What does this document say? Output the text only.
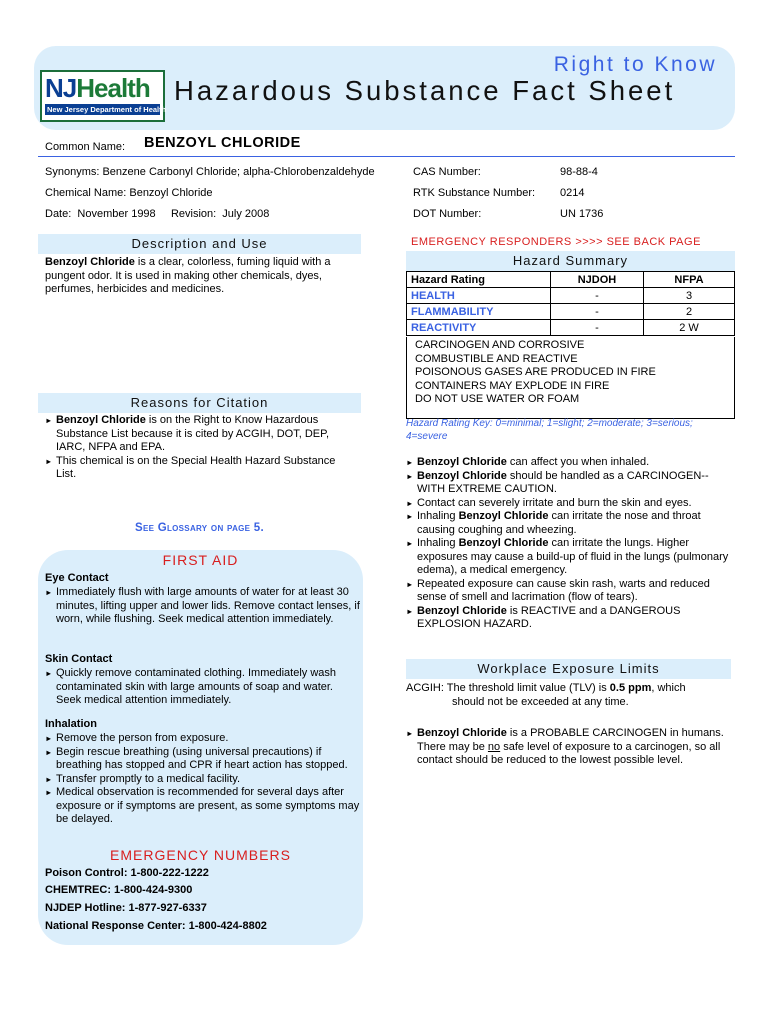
NJHealth
New Jersey Department of Health
Right to Know
Hazardous Substance Fact Sheet
Common Name: BENZOYL CHLORIDE
Synonyms: Benzene Carbonyl Chloride; alpha-Chlorobenzaldehyde
Chemical Name: Benzoyl Chloride
Date:  November 1998     Revision:  July 2008
CAS Number:	98-88-4
RTK Substance Number: 0214
DOT Number:	UN 1736
Description and Use
Benzoyl Chloride is a clear, colorless, fuming liquid with a pungent odor. It is used in making other chemicals, dyes, perfumes, herbicides and medicines.
Reasons for Citation
► Benzoyl Chloride is on the Right to Know Hazardous Substance List because it is cited by ACGIH, DOT, DEP, IARC, NFPA and EPA.
► This chemical is on the Special Health Hazard Substance List.
See Glossary on page 5.
FIRST AID
Eye Contact
► Immediately flush with large amounts of water for at least 30 minutes, lifting upper and lower lids. Remove contact lenses, if worn, while flushing. Seek medical attention immediately.
Skin Contact
► Quickly remove contaminated clothing. Immediately wash contaminated skin with large amounts of soap and water. Seek medical attention immediately.
Inhalation
► Remove the person from exposure.
► Begin rescue breathing (using universal precautions) if breathing has stopped and CPR if heart action has stopped.
► Transfer promptly to a medical facility.
► Medical observation is recommended for several days after exposure or if symptoms are present, as some symptoms may be delayed.
EMERGENCY NUMBERS
Poison Control: 1-800-222-1222
CHEMTREC: 1-800-424-9300
NJDEP Hotline: 1-877-927-6337
National Response Center: 1-800-424-8802
EMERGENCY RESPONDERS >>>> SEE BACK PAGE
Hazard Summary
Hazard Rating	NJDOH	NFPA
HEALTH	-	3
FLAMMABILITY	-	2
REACTIVITY	-	2 W
CARCINOGEN AND CORROSIVE
COMBUSTIBLE AND REACTIVE
POISONOUS GASES ARE PRODUCED IN FIRE
CONTAINERS MAY EXPLODE IN FIRE
DO NOT USE WATER OR FOAM
Hazard Rating Key: 0=minimal; 1=slight; 2=moderate; 3=serious; 4=severe
► Benzoyl Chloride can affect you when inhaled.
► Benzoyl Chloride should be handled as a CARCINOGEN--WITH EXTREME CAUTION.
► Contact can severely irritate and burn the skin and eyes.
► Inhaling Benzoyl Chloride can irritate the nose and throat causing coughing and wheezing.
► Inhaling Benzoyl Chloride can irritate the lungs. Higher exposures may cause a build-up of fluid in the lungs (pulmonary edema), a medical emergency.
► Repeated exposure can cause skin rash, warts and reduced sense of smell and lacrimation (flow of tears).
► Benzoyl Chloride is REACTIVE and a DANGEROUS EXPLOSION HAZARD.
Workplace Exposure Limits
ACGIH: The threshold limit value (TLV) is 0.5 ppm, which
should not be exceeded at any time.
► Benzoyl Chloride is a PROBABLE CARCINOGEN in humans. There may be no safe level of exposure to a carcinogen, so all contact should be reduced to the lowest possible level.
